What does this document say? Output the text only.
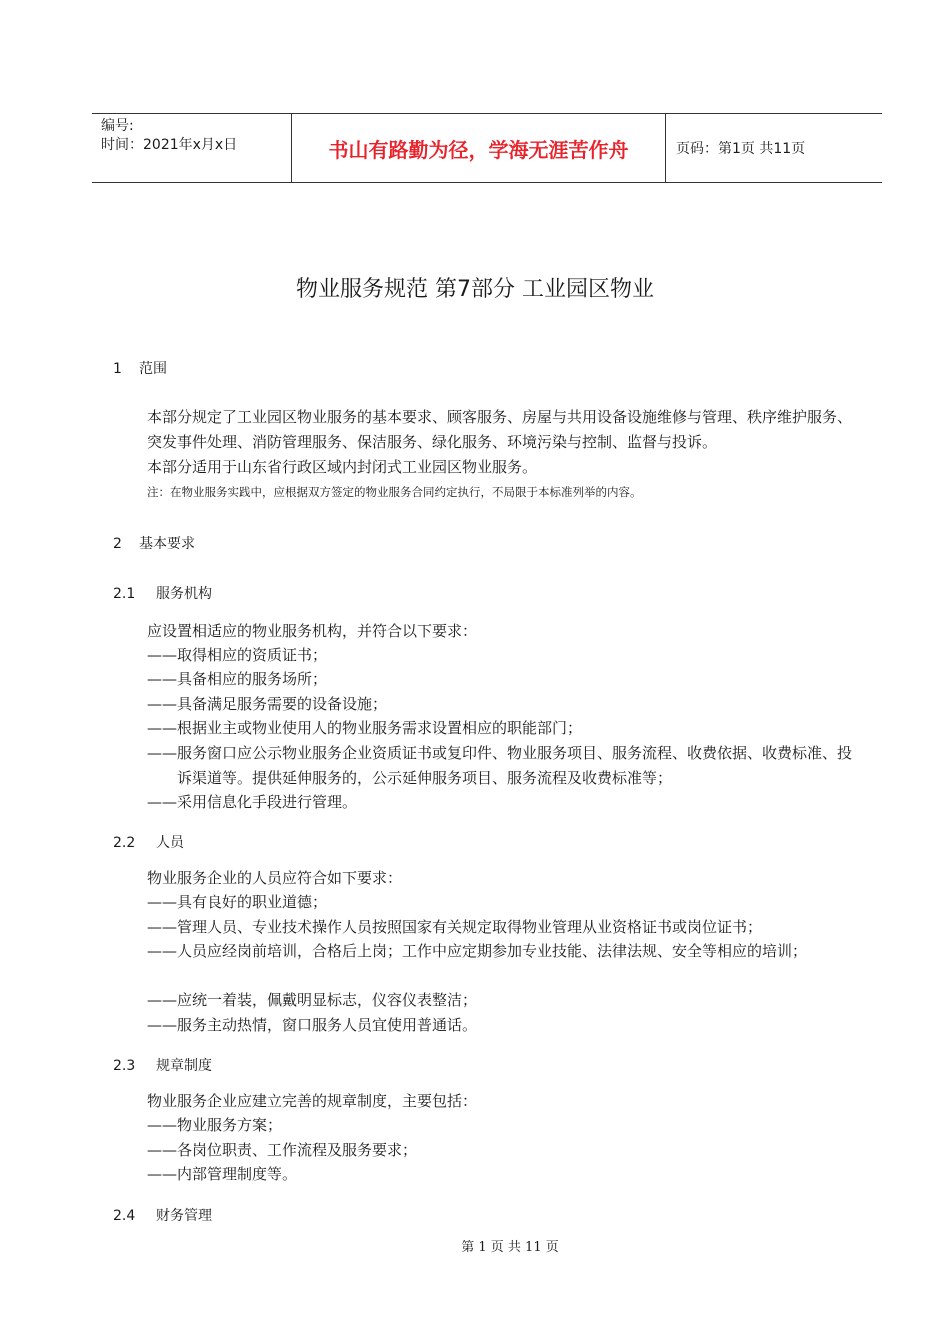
编号:
时间：2021年x月x日	书山有路勤为径，学海无涯苦作舟	页码：第1页 共11页
物业服务规范 第7部分 工业园区物业
1 范围
本部分规定了工业园区物业服务的基本要求、顾客服务、房屋与共用设备设施维修与管理、秩序维护服务、突发事件处理、消防管理服务、保洁服务、绿化服务、环境污染与控制、监督与投诉。
本部分适用于山东省行政区域内封闭式工业园区物业服务。
注：在物业服务实践中，应根据双方签定的物业服务合同约定执行，不局限于本标准列举的内容。
2 基本要求
2.1 服务机构
应设置相适应的物业服务机构，并符合以下要求：
——取得相应的资质证书；
——具备相应的服务场所；
——具备满足服务需要的设备设施；
——根据业主或物业使用人的物业服务需求设置相应的职能部门；
——服务窗口应公示物业服务企业资质证书或复印件、物业服务项目、服务流程、收费依据、收费标准、投诉渠道等。提供延伸服务的，公示延伸服务项目、服务流程及收费标准等；
——采用信息化手段进行管理。
2.2 人员
物业服务企业的人员应符合如下要求：
——具有良好的职业道德；
——管理人员、专业技术操作人员按照国家有关规定取得物业管理从业资格证书或岗位证书；
——人员应经岗前培训，合格后上岗；工作中应定期参加专业技能、法律法规、安全等相应的培训；
——应统一着装，佩戴明显标志，仪容仪表整洁；
——服务主动热情，窗口服务人员宜使用普通话。
2.3 规章制度
物业服务企业应建立完善的规章制度，主要包括：
——物业服务方案；
——各岗位职责、工作流程及服务要求；
——内部管理制度等。
2.4 财务管理
第 1 页 共 11 页
